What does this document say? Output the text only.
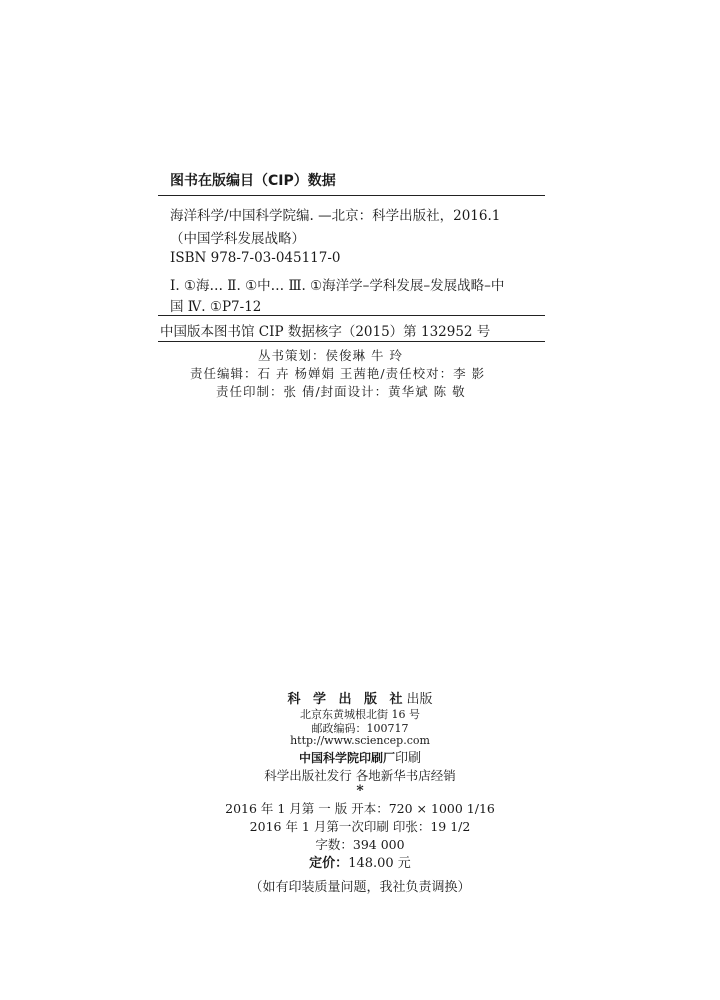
图书在版编目（CIP）数据
海洋科学/中国科学院编. —北京：科学出版社，2016.1
（中国学科发展战略）
ISBN 978-7-03-045117-0
Ⅰ. ①海… Ⅱ. ①中… Ⅲ. ①海洋学–学科发展–发展战略–中
国 Ⅳ. ①P7-12
中国版本图书馆 CIP 数据核字（2015）第 132952 号
丛书策划：侯俊琳 牛 玲
责任编辑：石 卉 杨婵娟 王茜艳/责任校对：李 影
责任印制：张 倩/封面设计：黄华斌 陈 敬
科 学 出 版 社出版
北京东黄城根北街 16 号
邮政编码：100717
http://www.sciencep.com
中国科学院印刷厂印刷
科学出版社发行 各地新华书店经销
*
2016 年 1 月第 一 版 开本：720 × 1000 1/16
2016 年 1 月第一次印刷 印张：19 1/2
字数：394 000
定价：148.00 元
（如有印装质量问题，我社负责调换）
